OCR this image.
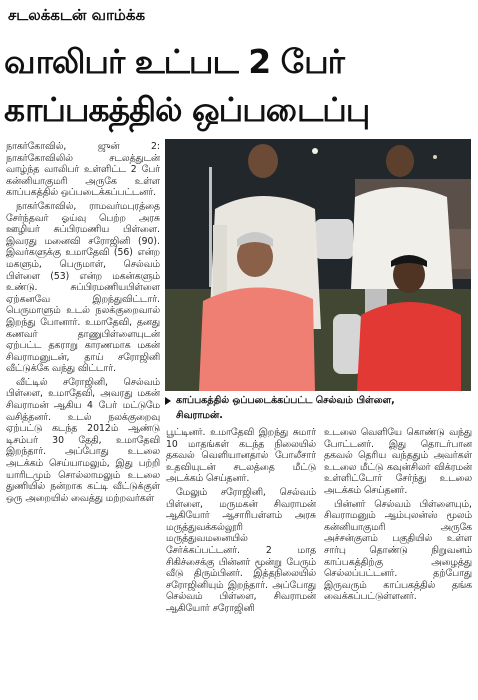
சடலக்கடன் வாம்க்க
வாலிபர் உட்பட 2 பேர்
காப்பகத்தில் ஒப்படைப்பு

நாகர்கோவில், ஜுன் 2: நாகர்கோவிலில் சடலத்துடன் வாழ்ந்த வாலிபர் உள்ளிட்ட 2 பேர் கன்னியாகுமரி அருகே உள்ள காப்பகத்தில் ஒப்படைக்கப்பட்டனர்.

நாகர்கோவில், ராமவர்மபுரத்தை சேர்ந்தவர் ஓய்வு பெற்ற அரசு ஊழியர் சுப்பிரமணிய பிள்ளை. இவரது மனைவி சரோஜினி (90). இவர்களுக்கு உமாதேவி (56) என்ற மகளும், பெருமாள், செல்வம் பிள்ளை (53) என்ற மகன்களும் உண்டு. சுப்பிரமணியபிள்ளை ஏற்கனவே இறந்துவிட்டார். பெருமாளும் உடல் நலக்குறைவால் இறந்து போனார். உமாதேவி, தனது கணவர் தாணுபிள்ளையுடன் ஏற்பட்ட தகராறு காரணமாக மகன் சிவராமனுடன், தாய் சரோஜினி வீட்டுக்கே வந்து விட்டார்.

வீட்டில் சரோஜினி, செல்வம் பிள்ளை, உமாதேவி, அவரது மகன் சிவராமன் ஆகிய 4 பேர் மட்டுமே வசித்தனர். உடல் நலக்குறைவு ஏற்பட்டு கடந்த 2012ம் ஆண்டு டிசம்பர் 30 தேதி, உமாதேவி இறந்தார். அப்போது உடலை அடக்கம் செய்யாமலும், இது பற்றி யாரிடமும் சொல்லாமலும் உடலை துணியில் நன்றாக கட்டி வீட்டுக்குள் ஒரு அறையில் வைத்து மற்றவர்கள்

காப்பகத்தில் ஒப்படைக்கப்பட்ட செல்வம் பிள்ளை,
சிவராமன்.

பூட்டினர். உமாதேவி இறந்து சுமார் 10 மாதங்கள் கடந்த நிலையில் தகவல் வெளியானதால் போலீசார் உதவியுடன் சடலத்தை மீட்டு அடக்கம் செய்தனர்.

மேலும் சரோஜினி, செல்வம் பிள்ளை, மருமகன் சிவராமன் ஆகியோர் ஆசாரிபள்ளம் அரசு மருத்துவக்கல்லூரி மருத்துவமனையில் சேர்க்கப்பட்டனர். 2 மாத சிகிச்சைக்கு பின்னர் மூன்று பேரும் வீடு திரும்பினர். இத்தநிலையில் சரோஜினியும் இறந்தார். அப்போது செல்வம் பிள்ளை, சிவராமன் ஆகியோர் சரோஜினி

உடலை வெளியே கொண்டு வந்து போட்டனர். இது தொடர்பான தகவல் தெரிய வந்ததும் அவர்கள் உடலை மீட்டு கவுன்சிலர் விக்ரமன் உள்ளிட்டோர் சேர்ந்து உடலை அடக்கம் செய்தனர்.

பின்னர் செல்வம் பிள்ளையும், சிவராமனும் ஆம்புலன்ஸ் மூலம் கன்னியாகுமரி அருகே அச்சன்குளம் பகுதியில் உள்ள சார்பு தொண்டு நிறுவனம் காப்பகத்திற்கு அழைத்து செல்லப்பட்டனர். தற்போது இருவரும் காப்பகத்தில் தங்க வைக்கப்பட்டுள்ளனர்.
